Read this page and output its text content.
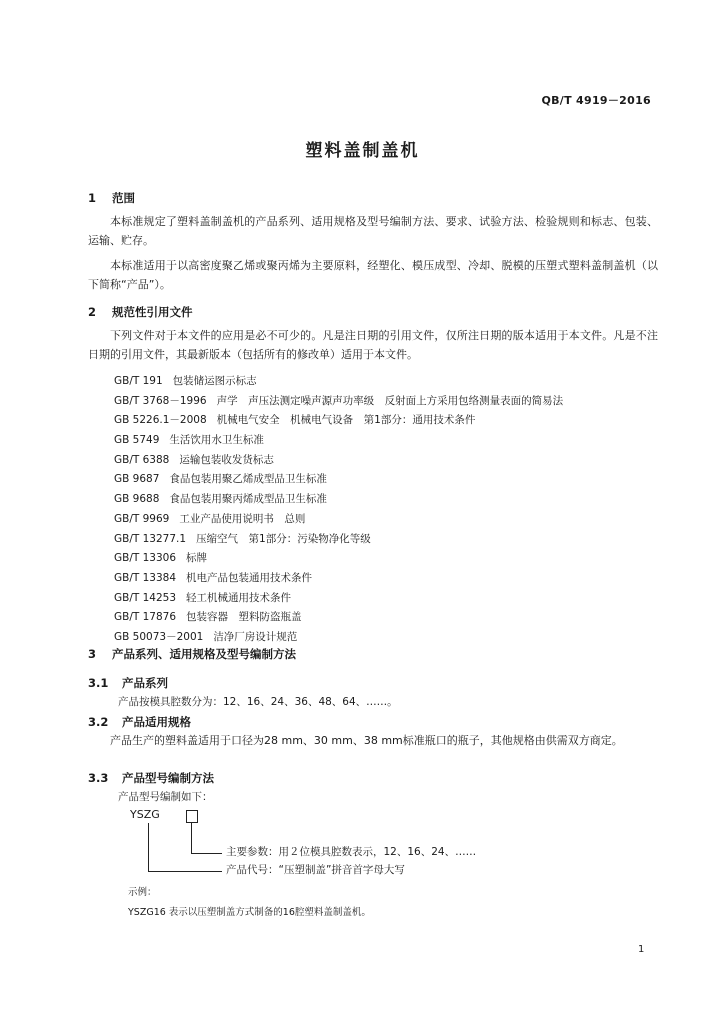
QB/T 4919－2016
塑料盖制盖机
1 范围

本标准规定了塑料盖制盖机的产品系列、适用规格及型号编制方法、要求、试验方法、检验规则和标志、包装、运输、贮存。

本标准适用于以高密度聚乙烯或聚丙烯为主要原料，经塑化、模压成型、冷却、脱模的压塑式塑料盖制盖机（以下简称“产品”）。

2 规范性引用文件

下列文件对于本文件的应用是必不可少的。凡是注日期的引用文件，仅所注日期的版本适用于本文件。凡是不注日期的引用文件，其最新版本（包括所有的修改单）适用于本文件。

GB/T 191 包装储运图示标志
GB/T 3768－1996 声学　声压法测定噪声源声功率级　反射面上方采用包络测量表面的简易法
GB 5226.1－2008 机械电气安全　机械电气设备　第1部分：通用技术条件
GB 5749 生活饮用水卫生标准
GB/T 6388 运输包装收发货标志
GB 9687 食品包装用聚乙烯成型品卫生标准
GB 9688 食品包装用聚丙烯成型品卫生标准
GB/T 9969 工业产品使用说明书　总则
GB/T 13277.1 压缩空气　第1部分：污染物净化等级
GB/T 13306 标牌
GB/T 13384 机电产品包装通用技术条件
GB/T 14253 轻工机械通用技术条件
GB/T 17876 包装容器　塑料防盗瓶盖
GB 50073－2001 洁净厂房设计规范
3 产品系列、适用规格及型号编制方法
3.1 产品系列
产品按模具腔数分为：12、16、24、36、48、64、……。
3.2 产品适用规格

产品生产的塑料盖适用于口径为28 mm、30 mm、38 mm标准瓶口的瓶子，其他规格由供需双方商定。

3.3 产品型号编制方法
产品型号编制如下：
YSZG
主要参数：用２位模具腔数表示，12、16、24、……
产品代号：“压塑制盖”拼音首字母大写
示例：
YSZG16 表示以压塑制盖方式制备的16腔塑料盖制盖机。
1
